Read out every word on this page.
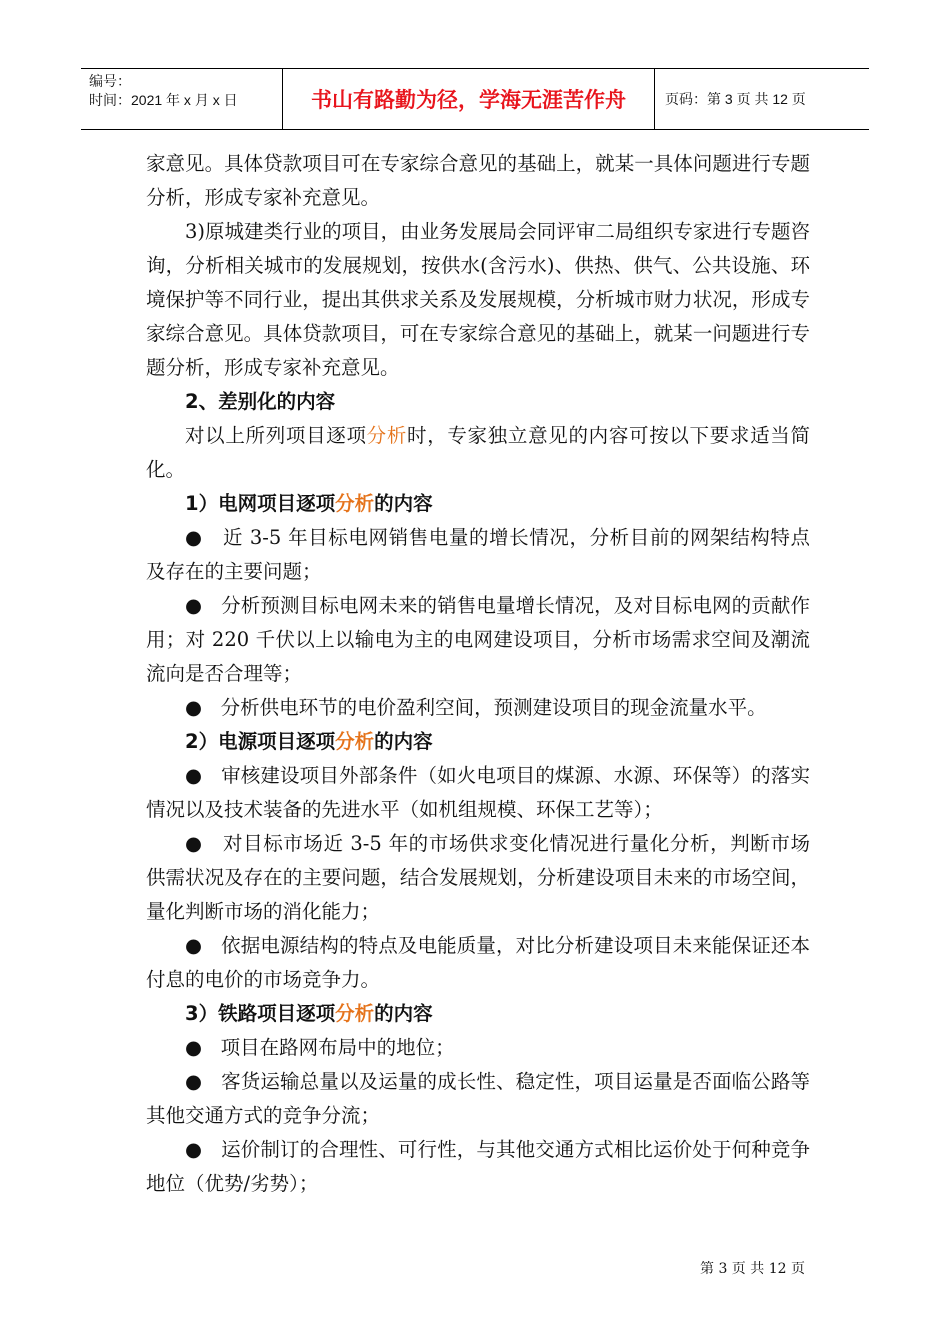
编号：
时间：2021 年 x 月 x 日	书山有路勤为径，学海无涯苦作舟	页码：第 3 页 共 12 页

家意见。具体贷款项目可在专家综合意见的基础上，就某一具体问题进行专题分析，形成专家补充意见。

3)原城建类行业的项目，由业务发展局会同评审二局组织专家进行专题咨询，分析相关城市的发展规划，按供水(含污水)、供热、供气、公共设施、环境保护等不同行业，提出其供求关系及发展规模，分析城市财力状况，形成专家综合意见。具体贷款项目，可在专家综合意见的基础上，就某一问题进行专题分析，形成专家补充意见。

2、差别化的内容

对以上所列项目逐项分析时，专家独立意见的内容可按以下要求适当简化。

1）电网项目逐项分析的内容

● 近 3-5 年目标电网销售电量的增长情况，分析目前的网架结构特点及存在的主要问题；

● 分析预测目标电网未来的销售电量增长情况，及对目标电网的贡献作用；对 220 千伏以上以输电为主的电网建设项目，分析市场需求空间及潮流流向是否合理等；

● 分析供电环节的电价盈利空间，预测建设项目的现金流量水平。

2）电源项目逐项分析的内容

● 审核建设项目外部条件（如火电项目的煤源、水源、环保等）的落实情况以及技术装备的先进水平（如机组规模、环保工艺等）；

● 对目标市场近 3-5 年的市场供求变化情况进行量化分析，判断市场供需状况及存在的主要问题，结合发展规划，分析建设项目未来的市场空间，量化判断市场的消化能力；

● 依据电源结构的特点及电能质量，对比分析建设项目未来能保证还本付息的电价的市场竞争力。

3）铁路项目逐项分析的内容

● 项目在路网布局中的地位；

● 客货运输总量以及运量的成长性、稳定性，项目运量是否面临公路等其他交通方式的竞争分流；

● 运价制订的合理性、可行性，与其他交通方式相比运价处于何种竞争地位（优势/劣势）；

第 3 页 共 12 页
